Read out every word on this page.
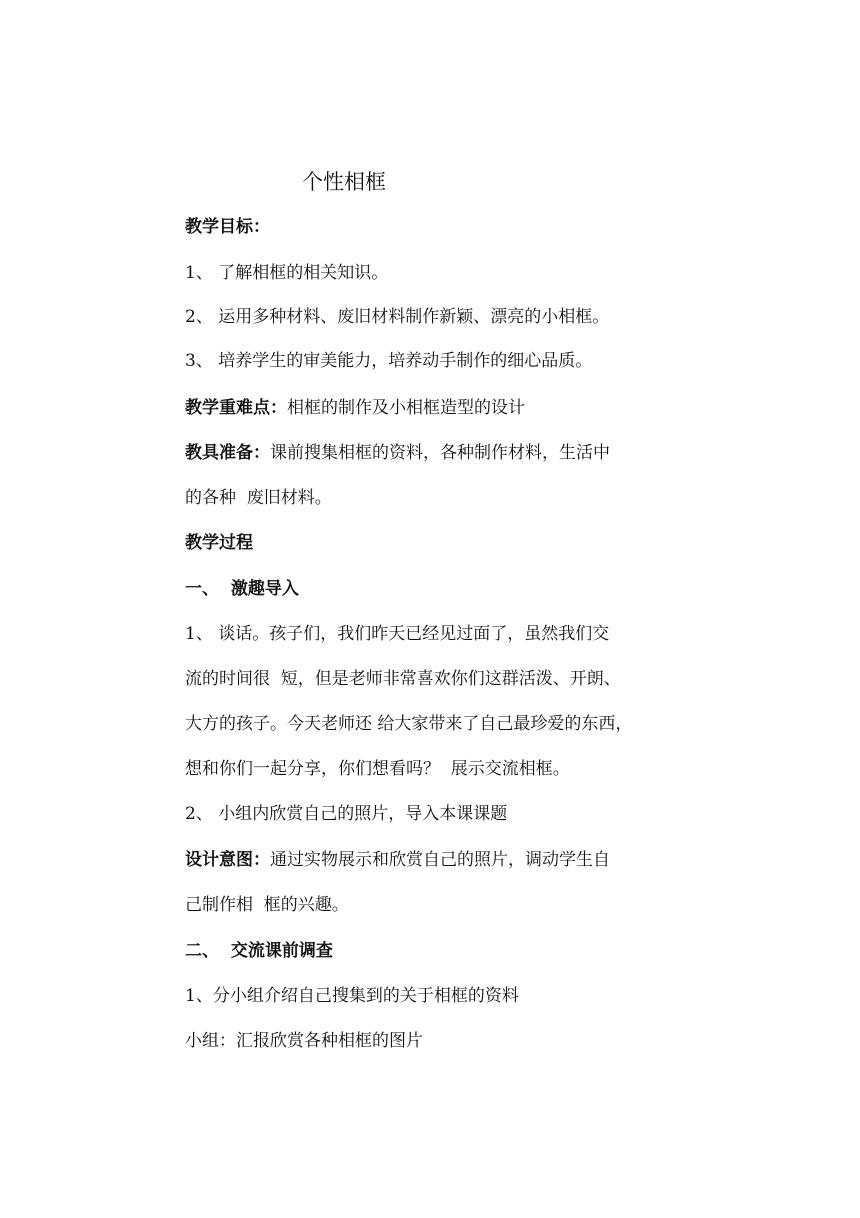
个性相框
教学目标：
1、 了解相框的相关知识。
2、 运用多种材料、废旧材料制作新颖、漂亮的小相框。
3、 培养学生的审美能力，培养动手制作的细心品质。
教学重难点：相框的制作及小相框造型的设计
教具准备：课前搜集相框的资料，各种制作材料，生活中
的各种  废旧材料。
教学过程
一、  激趣导入
1、 谈话。孩子们，我们昨天已经见过面了，虽然我们交
流的时间很  短，但是老师非常喜欢你们这群活泼、开朗、
大方的孩子。今天老师还 给大家带来了自己最珍爱的东西，
想和你们一起分享，你们想看吗？  展示交流相框。
2、 小组内欣赏自己的照片，导入本课课题
设计意图：通过实物展示和欣赏自己的照片，调动学生自
己制作相  框的兴趣。
二、  交流课前调查
1、分小组介绍自己搜集到的关于相框的资料
小组：汇报欣赏各种相框的图片
